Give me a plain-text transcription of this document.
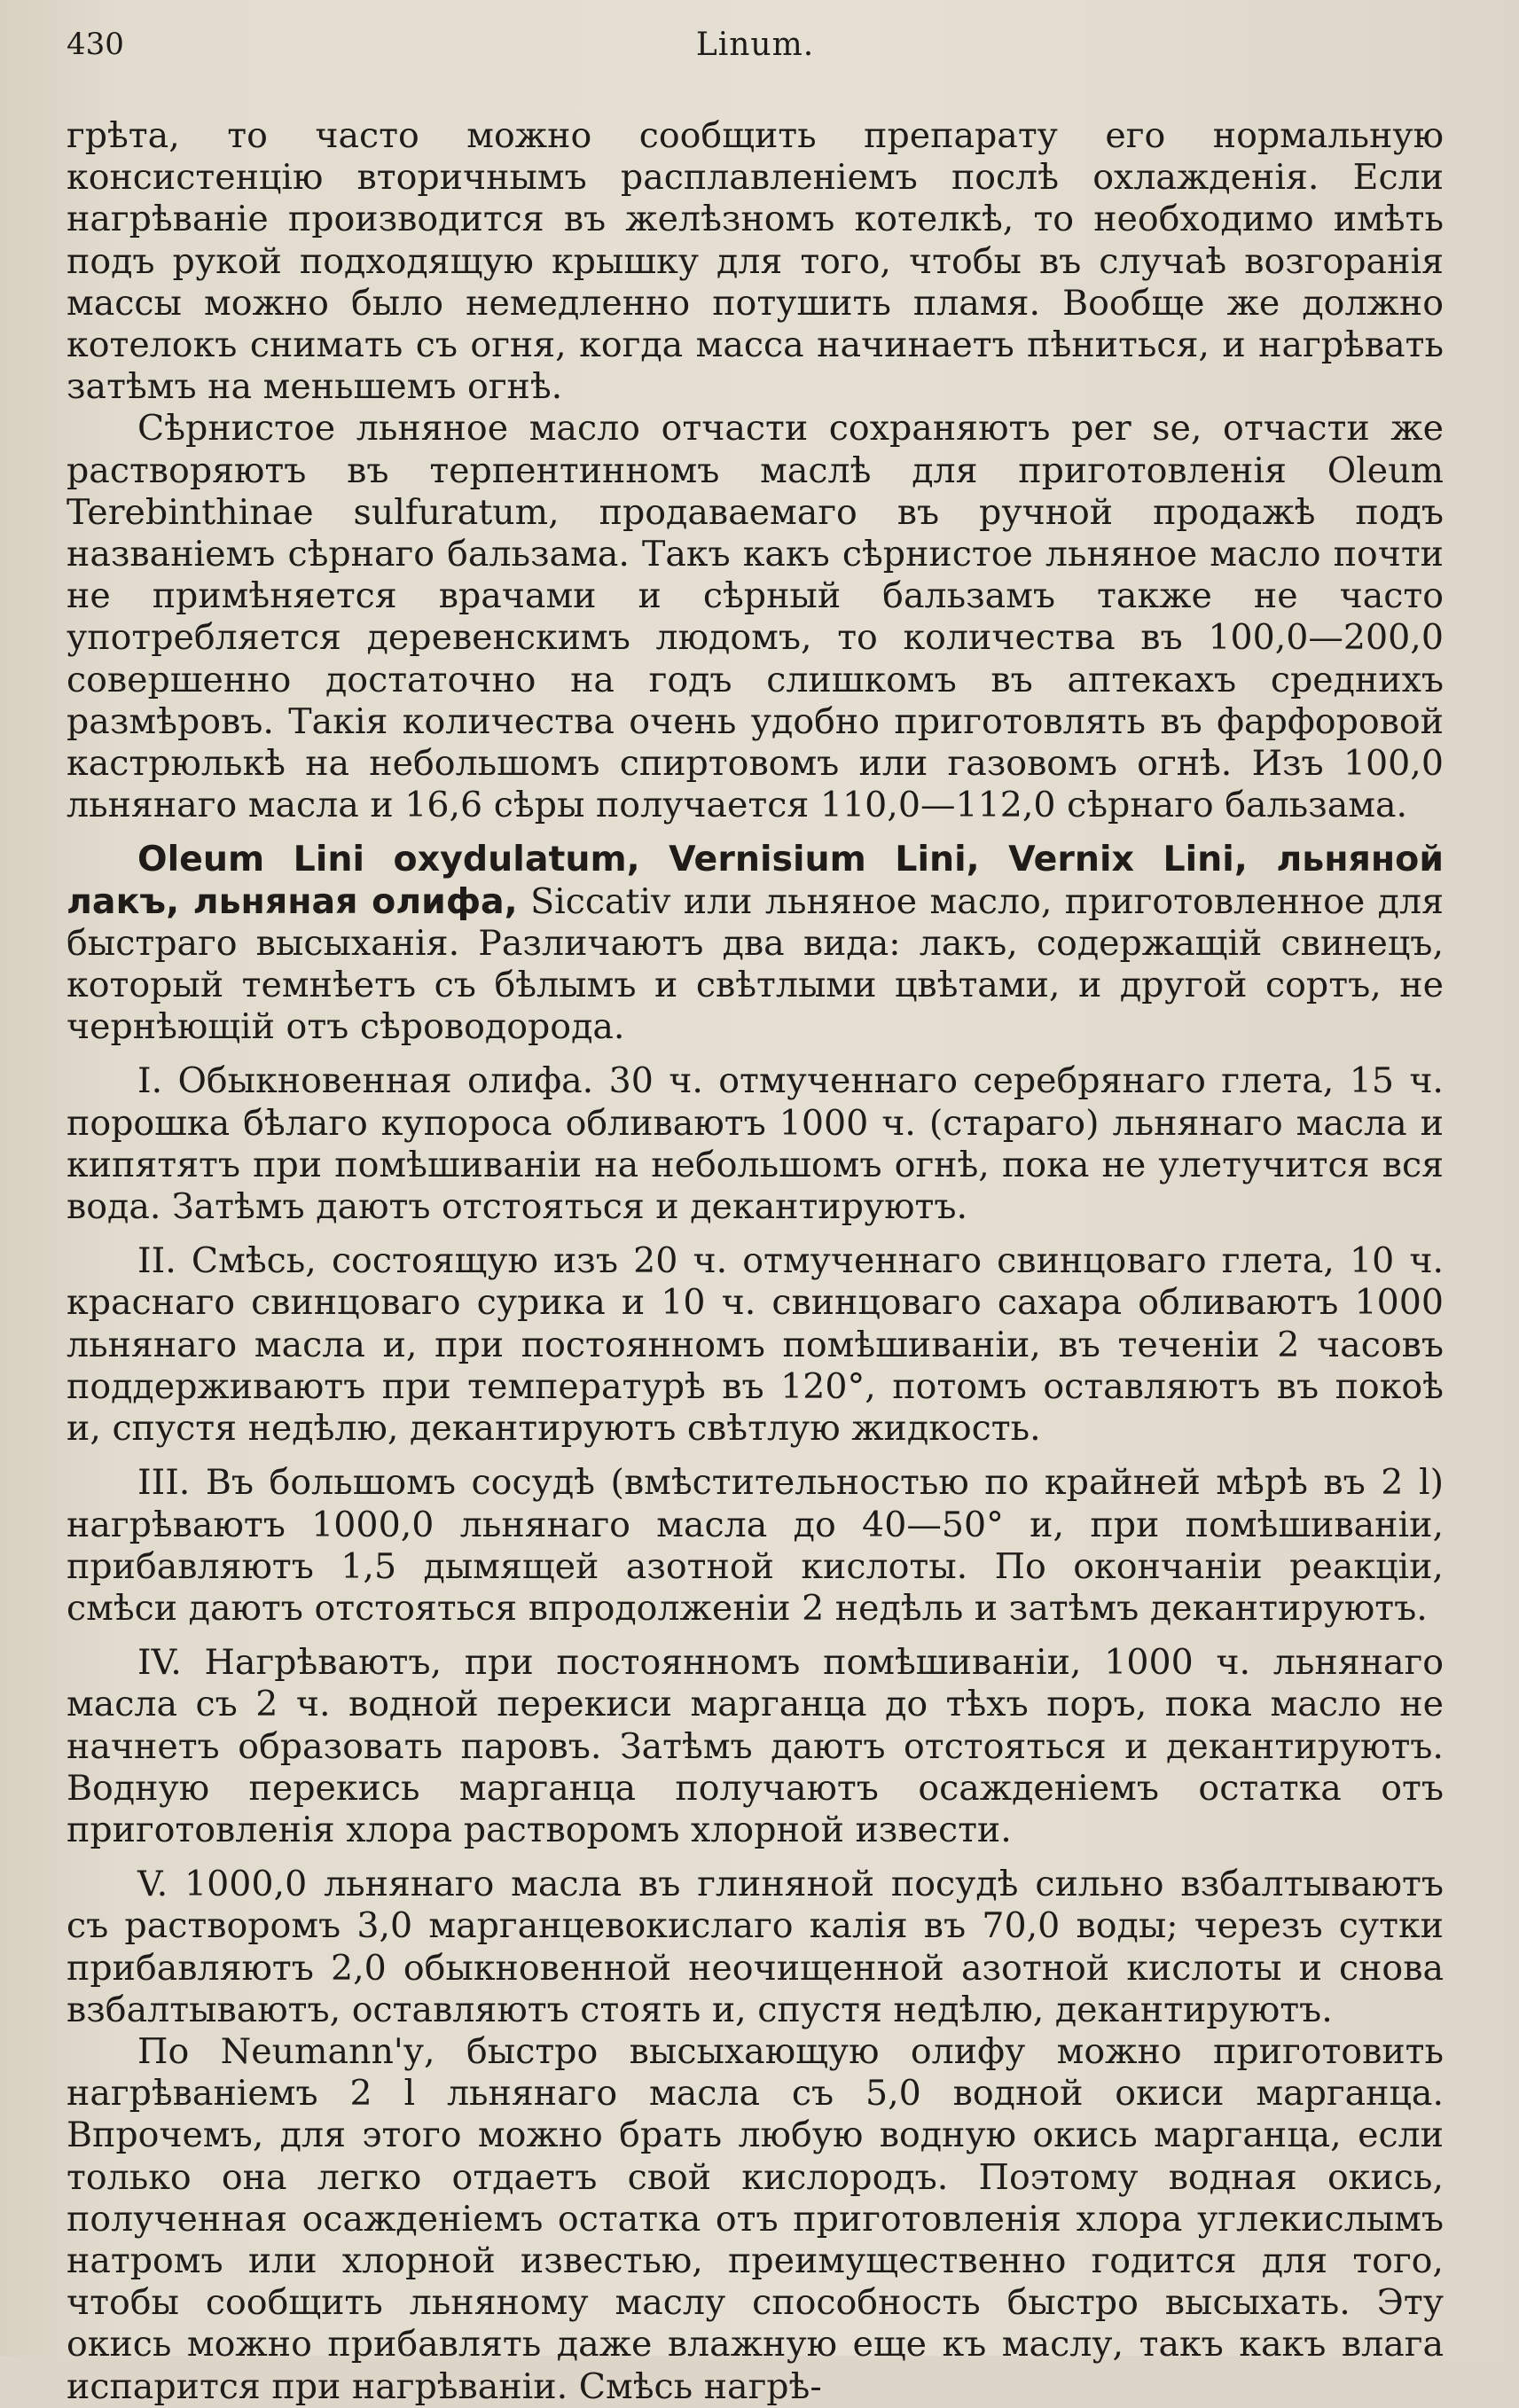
430	Linum.

грѣта, то часто можно сообщить препарату его нормальную консистенцію вторичнымъ расплавленіемъ послѣ охлажденія. Если нагрѣваніе производится въ желѣзномъ котелкѣ, то необходимо имѣть подъ рукой подходящую крышку для того, чтобы въ случаѣ возгоранія массы можно было немедленно потушить пламя. Вообще же должно котелокъ снимать съ огня, когда масса начинаетъ пѣниться, и нагрѣвать затѣмъ на меньшемъ огнѣ.

Сѣрнистое льняное масло отчасти сохраняютъ per se, отчасти же растворяютъ въ терпентинномъ маслѣ для приготовленія Oleum Terebinthinae sulfuratum, продаваемаго въ ручной продажѣ подъ названіемъ сѣрнаго бальзама. Такъ какъ сѣрнистое льняное масло почти не примѣняется врачами и сѣрный бальзамъ также не часто употребляется деревенскимъ людомъ, то количества въ 100,0—200,0 совершенно достаточно на годъ слишкомъ въ аптекахъ среднихъ размѣровъ. Такія количества очень удобно приготовлять въ фарфоровой кастрюлькѣ на небольшомъ спиртовомъ или газовомъ огнѣ. Изъ 100,0 льнянаго масла и 16,6 сѣры получается 110,0—112,0 сѣрнаго бальзама.

Oleum Lini oxydulatum, Vernisium Lini, Vernix Lini, льняной лакъ, льняная олифа, Siccativ или льняное масло, приготовленное для быстраго высыханія. Различаютъ два вида: лакъ, содержащій свинецъ, который темнѣетъ съ бѣлымъ и свѣтлыми цвѣтами, и другой сортъ, не чернѣющій отъ сѣроводорода.

I. Обыкновенная олифа. 30 ч. отмученнаго серебрянаго глета, 15 ч. порошка бѣлаго купороса обливаютъ 1000 ч. (стараго) льнянаго масла и кипятятъ при помѣшиваніи на небольшомъ огнѣ, пока не улетучится вся вода. Затѣмъ даютъ отстояться и декантируютъ.

II. Смѣсь, состоящую изъ 20 ч. отмученнаго свинцоваго глета, 10 ч. краснаго свинцоваго сурика и 10 ч. свинцоваго сахара обливаютъ 1000 льнянаго масла и, при постоянномъ помѣшиваніи, въ теченіи 2 часовъ поддерживаютъ при температурѣ въ 120°, потомъ оставляютъ въ покоѣ и, спустя недѣлю, декантируютъ свѣтлую жидкость.

III. Въ большомъ сосудѣ (вмѣстительностью по крайней мѣрѣ въ 2 l) нагрѣваютъ 1000,0 льнянаго масла до 40—50° и, при помѣшиваніи, прибавляютъ 1,5 дымящей азотной кислоты. По окончаніи реакціи, смѣси даютъ отстояться впродолженіи 2 недѣль и затѣмъ декантируютъ.

IV. Нагрѣваютъ, при постоянномъ помѣшиваніи, 1000 ч. льнянаго масла съ 2 ч. водной перекиси марганца до тѣхъ поръ, пока масло не начнетъ образовать паровъ. Затѣмъ даютъ отстояться и декантируютъ. Водную перекись марганца получаютъ осажденіемъ остатка отъ приготовленія хлора растворомъ хлорной извести.

V. 1000,0 льнянаго масла въ глиняной посудѣ сильно взбалтываютъ съ растворомъ 3,0 марганцевокислаго калія въ 70,0 воды; черезъ сутки прибавляютъ 2,0 обыкновенной неочищенной азотной кислоты и снова взбалтываютъ, оставляютъ стоять и, спустя недѣлю, декантируютъ.

По Neumann'у, быстро высыхающую олифу можно приготовить нагрѣваніемъ 2 l льнянаго масла съ 5,0 водной окиси марганца. Впрочемъ, для этого можно брать любую водную окись марганца, если только она легко отдаетъ свой кислородъ. Поэтому водная окись, полученная осажденіемъ остатка отъ приготовленія хлора углекислымъ натромъ или хлорной известью, преимущественно годится для того, чтобы сообщить льняному маслу способность быстро высыхать. Эту окись можно прибавлять даже влажную еще къ маслу, такъ какъ влага испарится при нагрѣваніи. Смѣсь нагрѣ-
